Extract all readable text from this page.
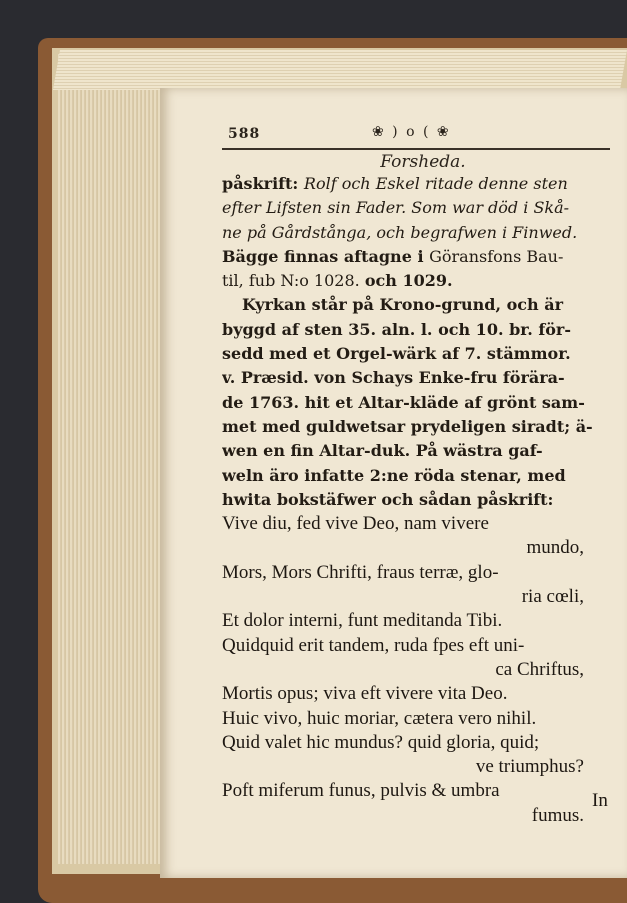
588	❀ ) o ( ❀
Forsheda.

påskrift: Rolf och Eskel ritade denne sten
efter Lifsten sin Fader. Som war död i Skå-
ne på Gårdstånga, och begrafwen i Finwed.
Bägge finnas aftagne i Göransfons Bau-
til, fub N:o 1028. och 1029.

Kyrkan står på Krono-grund, och är
byggd af sten 35. aln. l. och 10. br. för-
sedd med et Orgel-wärk af 7. stämmor.
v. Præsid. von Schays Enke-fru förära-
de 1763. hit et Altar-kläde af grönt sam-
met med guldwetsar prydeligen siradt; ä-
wen en fin Altar-duk. På wästra gaf-
weln äro infatte 2:ne röda stenar, med
hwita bokstäfwer och sådan påskrift:

Vive diu, fed vive Deo, nam vivere
mundo,
Mors, Mors Chrifti, fraus terræ, glo-
ria cœli,
Et dolor interni, funt meditanda Tibi.
Quidquid erit tandem, ruda fpes eft uni-
ca Chriftus,
Mortis opus; viva eft vivere vita Deo.
Huic vivo, huic moriar, cætera vero nihil.
Quid valet hic mundus? quid gloria, quid;
ve triumphus?
Poft miferum funus, pulvis & umbra
fumus.
In
